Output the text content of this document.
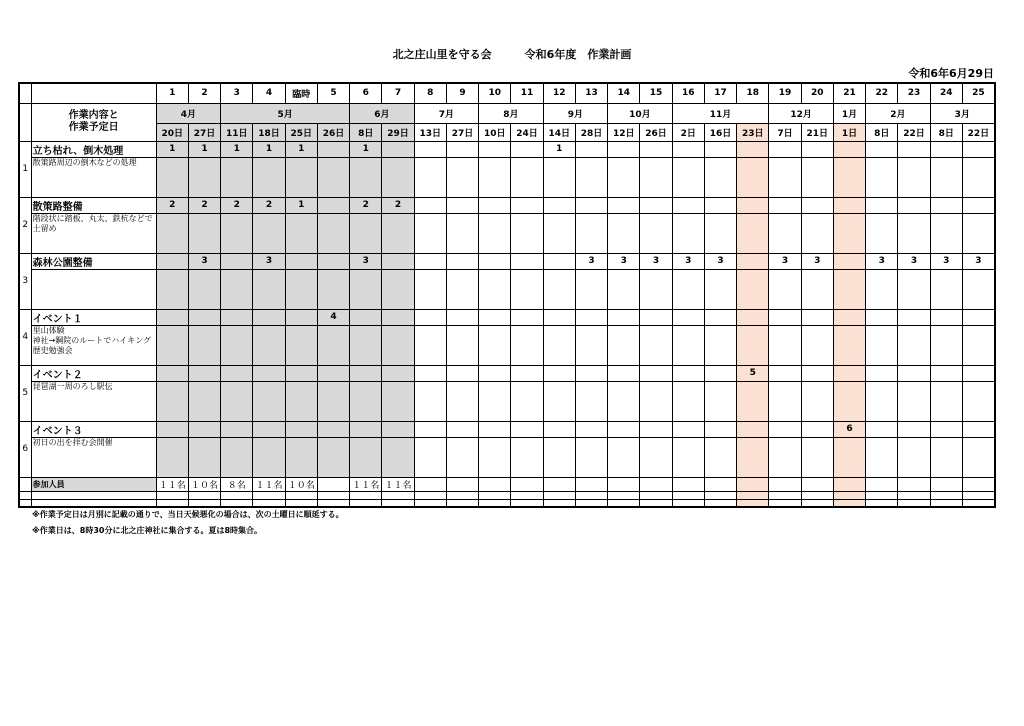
北之庄山里を守る会　　　令和6年度　作業計画
令和6年6月29日
		1	2	3	4	臨時	5	6	7	8	9	10	11	12	13	14	15	16	17	18	19	20	21	22	23	24	25

	作業内容と
作業予定日	4月		5月				6月		7月		8月		9月		10月		11月			12月		1月	2月		3月	
		20日	27日	11日	18日	25日	26日	8日	29日	13日	27日	10日	24日	14日	28日	12日	26日	2日	16日	23日	7日	21日	1日	8日	22日	8日	22日
1	立ち枯れ、倒木処理	1	1	1	1	1		1						1													

	散策路周辺の倒木などの処理																										

2	散策路整備	2	2	2	2	1		2	2																		

	階段状に踏板、丸太、鉄杭などで土留め																										

3	森林公園整備		3		3			3							3	3	3	3	3		3	3		3	3	3	3

4	イベント１						4																				

	里山体験
神社→鋼院のルートでハイキング
歴史勉強会																										

5	イベント２																			5							

	琵琶湖一周のろし駅伝																										

6	イベント３																						6				

	初日の出を拝む会開催																										

	参加人員	１１名	１０名	８名	１１名	１０名		１１名	１１名																		

※作業予定日は月別に記載の通りで、当日天候悪化の場合は、次の土曜日に順延する。
※作業日は、8時30分に北之庄神社に集合する。夏は8時集合。
